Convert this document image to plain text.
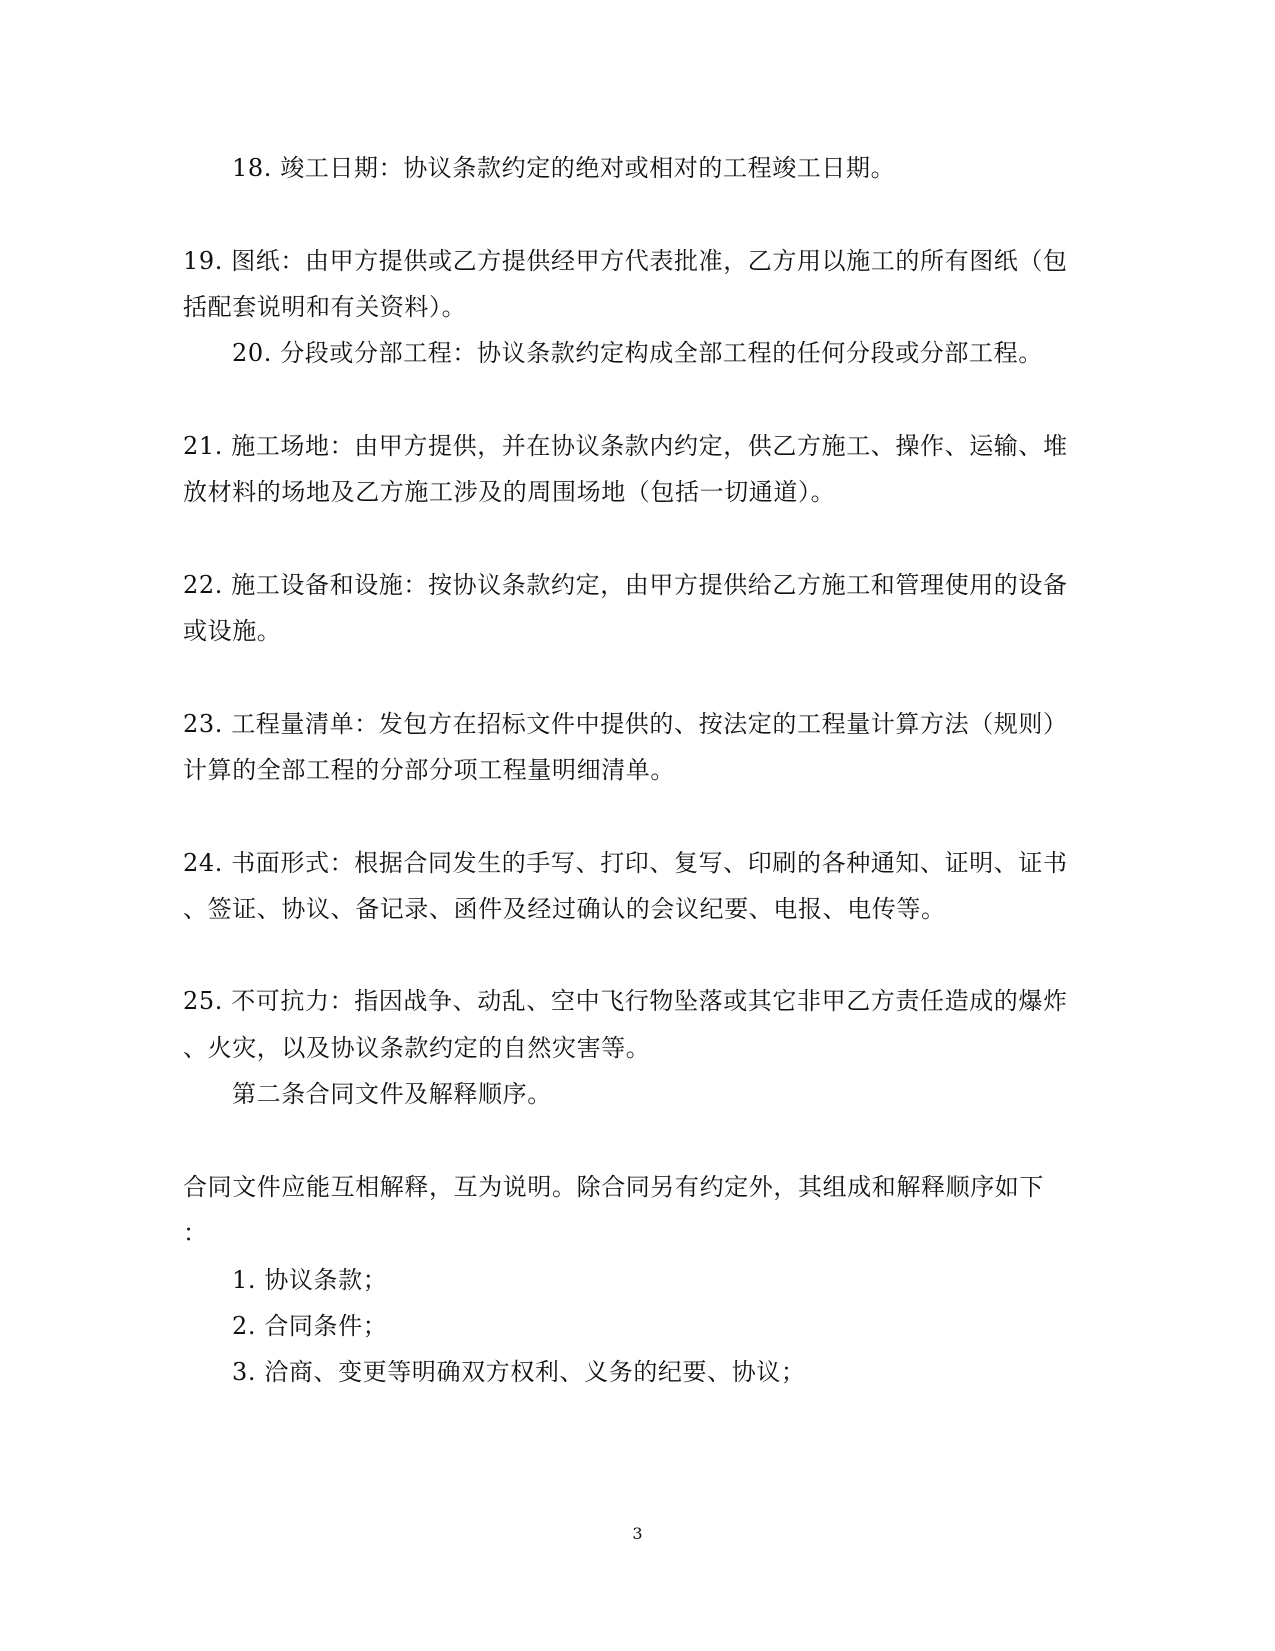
18. 竣工日期：协议条款约定的绝对或相对的工程竣工日期。
19. 图纸：由甲方提供或乙方提供经甲方代表批准，乙方用以施工的所有图纸（包
括配套说明和有关资料）。
20. 分段或分部工程：协议条款约定构成全部工程的任何分段或分部工程。
21. 施工场地：由甲方提供，并在协议条款内约定，供乙方施工、操作、运输、堆
放材料的场地及乙方施工涉及的周围场地（包括一切通道）。
22. 施工设备和设施：按协议条款约定，由甲方提供给乙方施工和管理使用的设备
或设施。
23. 工程量清单：发包方在招标文件中提供的、按法定的工程量计算方法（规则）
计算的全部工程的分部分项工程量明细清单。
24. 书面形式：根据合同发生的手写、打印、复写、印刷的各种通知、证明、证书
、签证、协议、备记录、函件及经过确认的会议纪要、电报、电传等。
25. 不可抗力：指因战争、动乱、空中飞行物坠落或其它非甲乙方责任造成的爆炸
、火灾，以及协议条款约定的自然灾害等。
第二条合同文件及解释顺序。
合同文件应能互相解释，互为说明。除合同另有约定外，其组成和解释顺序如下
：
1. 协议条款；
2. 合同条件；
3. 洽商、变更等明确双方权利、义务的纪要、协议；
3
